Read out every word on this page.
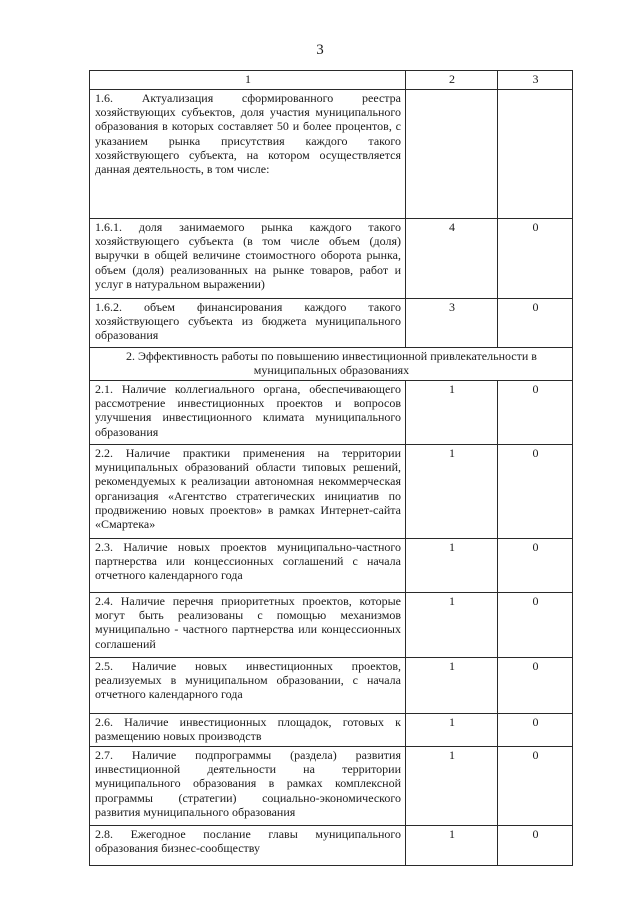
3
1	2	3
1.6. Актуализация сформированного реестра хозяйствующих субъектов, доля участия муниципального образования в которых составляет 50 и более процентов, с указанием рынка присутствия каждого такого хозяйствующего субъекта, на котором осуществляется данная деятельность, в том числе:		
1.6.1. доля занимаемого рынка каждого такого хозяйствующего субъекта (в том числе объем (доля) выручки в общей величине стоимостного оборота рынка, объем (доля) реализованных на рынке товаров, работ и услуг в натуральном выражении)	4	0
1.6.2. объем финансирования каждого такого хозяйствующего субъекта из бюджета муниципального образования	3	0
2. Эффективность работы по повышению инвестиционной привлекательности в муниципальных образованиях		
2.1. Наличие коллегиального органа, обеспечивающего рассмотрение инвестиционных проектов и вопросов улучшения инвестиционного климата муниципального образования	1	0
2.2. Наличие практики применения на территории муниципальных образований области типовых решений, рекомендуемых к реализации автономная некоммерческая организация «Агентство стратегических инициатив по продвижению новых проектов» в рамках Интернет-сайта «Смартека»	1	0
2.3. Наличие новых проектов муниципально-частного партнерства или концессионных соглашений с начала отчетного календарного года	1	0
2.4. Наличие перечня приоритетных проектов, которые могут быть реализованы с помощью механизмов муниципально - частного партнерства или концессионных соглашений	1	0
2.5. Наличие новых инвестиционных проектов, реализуемых в муниципальном образовании, с начала отчетного календарного года	1	0
2.6. Наличие инвестиционных площадок, готовых к размещению новых производств	1	0
2.7. Наличие подпрограммы (раздела) развития инвестиционной деятельности на территории муниципального образования в рамках комплексной программы (стратегии) социально-экономического развития муниципального образования	1	0
2.8. Ежегодное послание главы муниципального образования бизнес-сообществу	1	0
